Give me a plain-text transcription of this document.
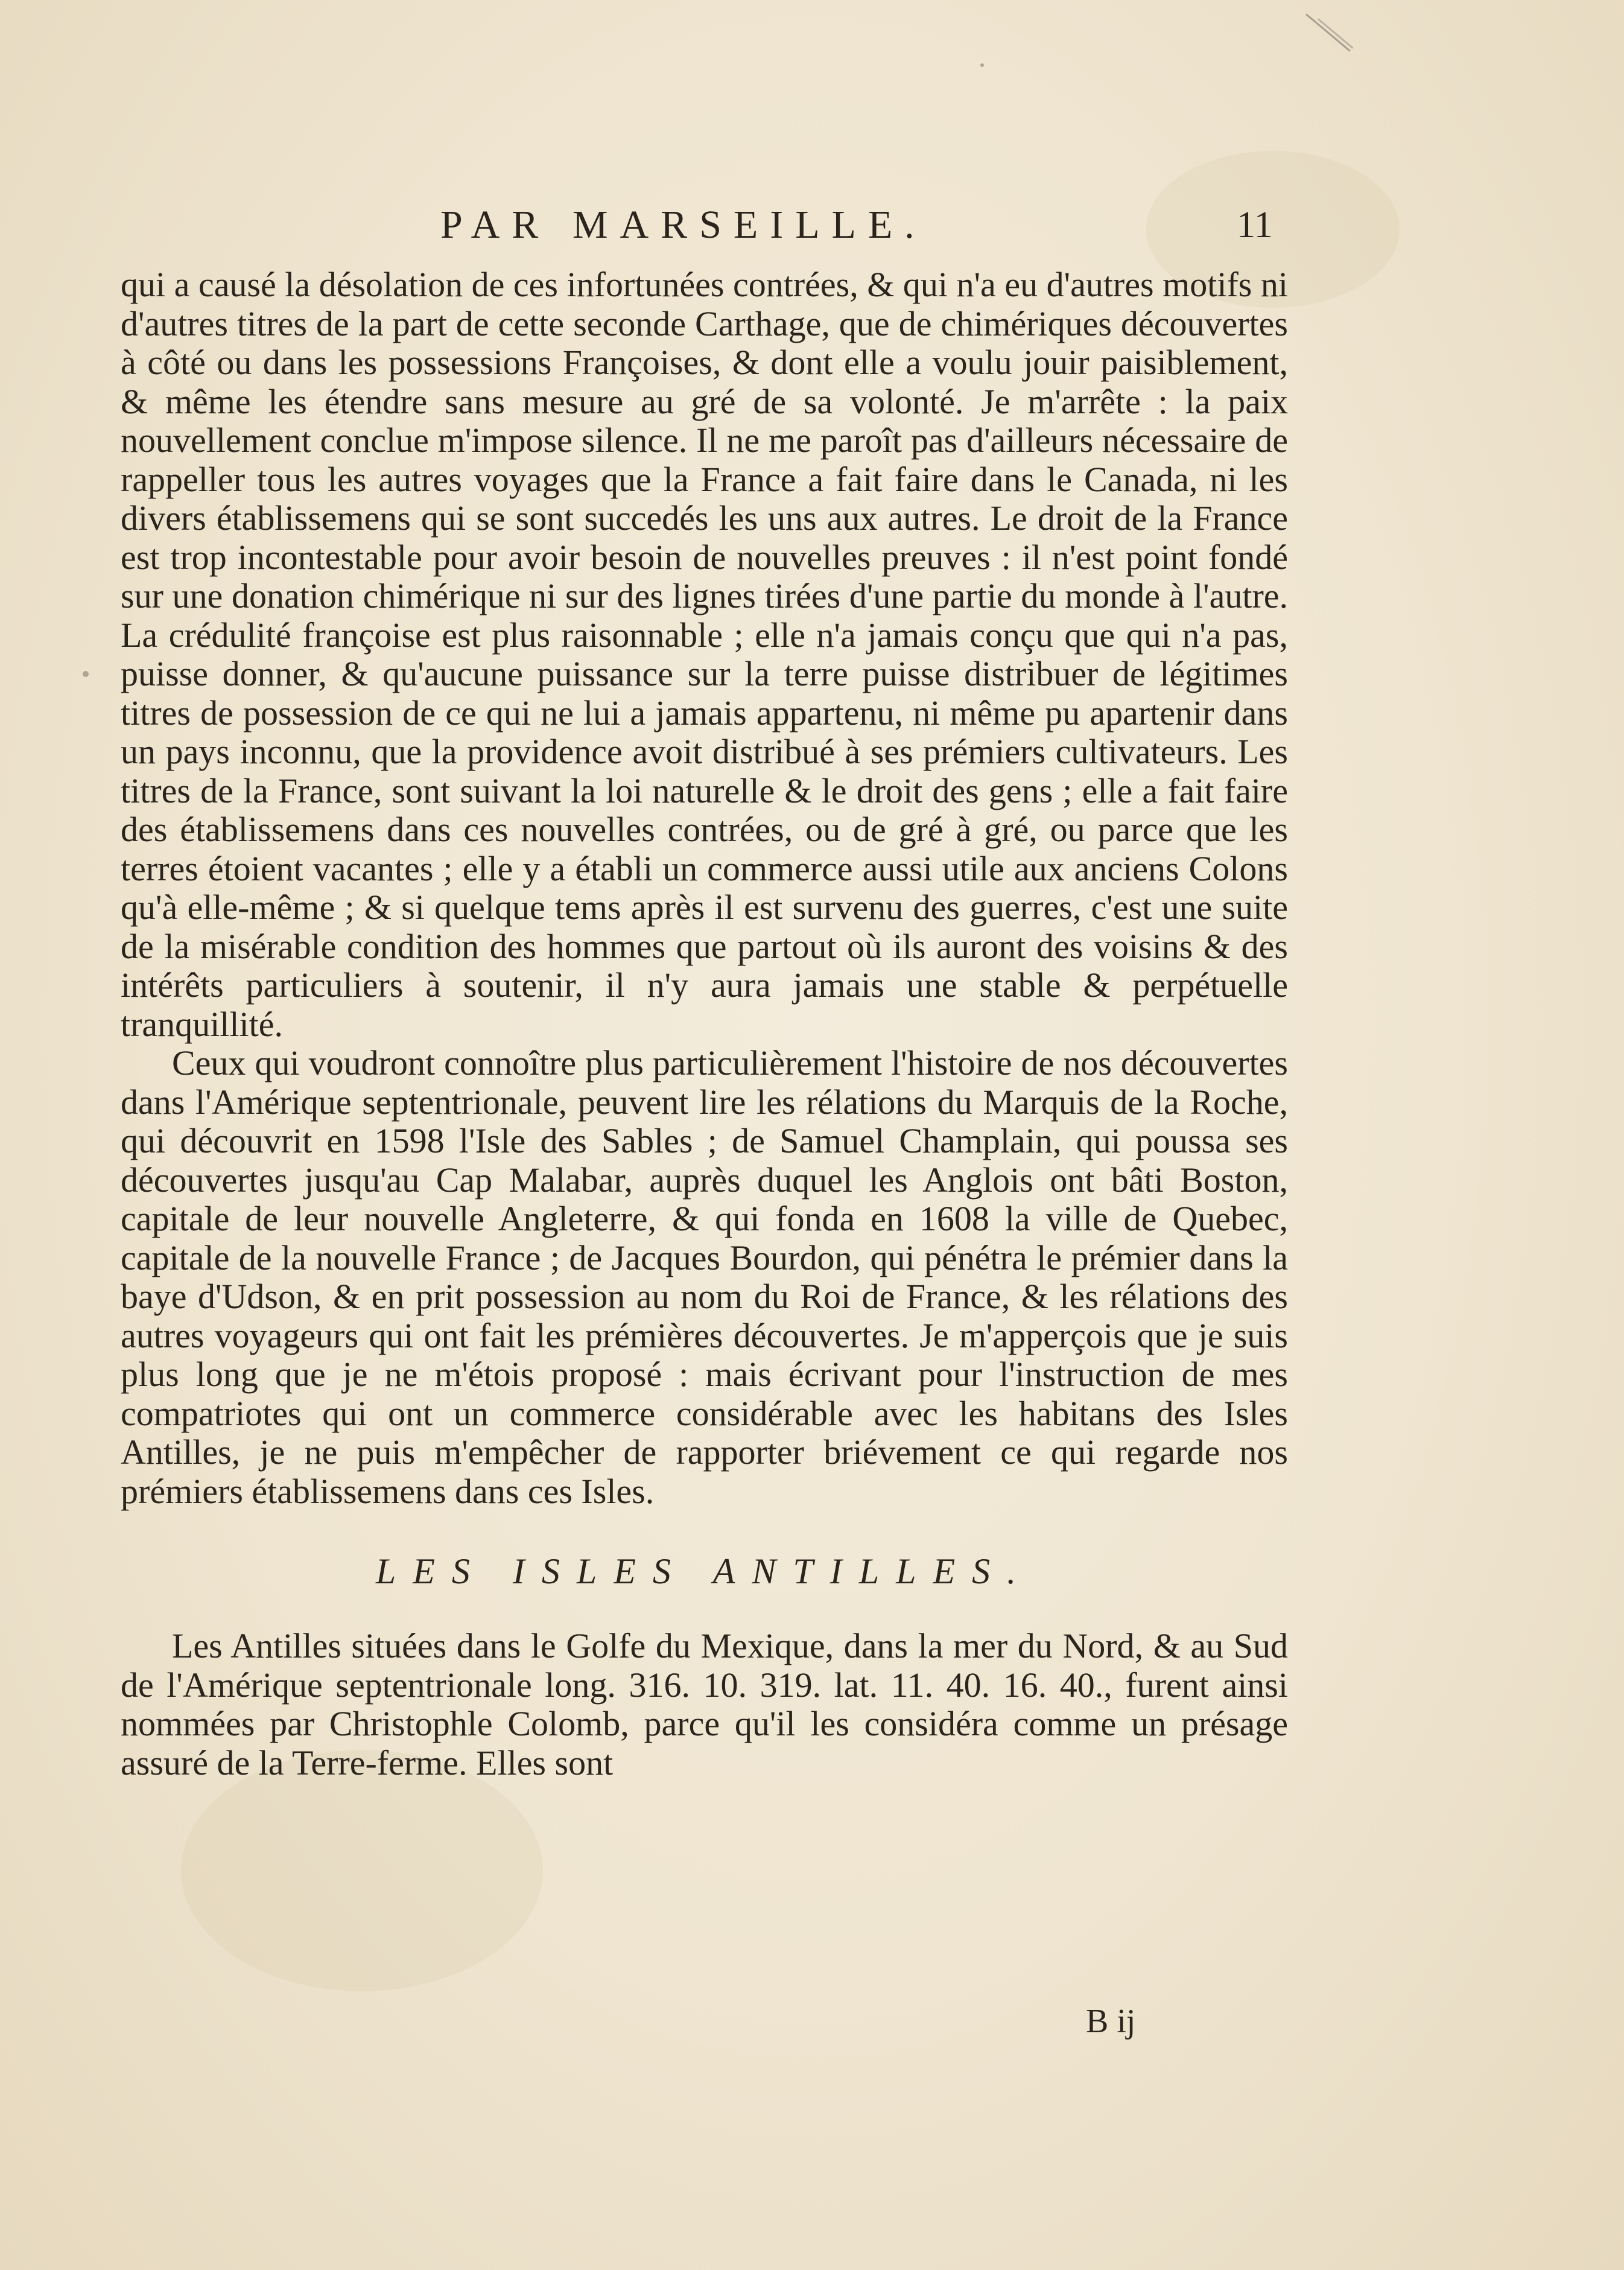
PAR MARSEILLE.	11

qui a causé la désolation de ces infortunées contrées, & qui n'a eu d'autres motifs ni d'autres titres de la part de cette seconde Carthage, que de chimériques découvertes à côté ou dans les possessions Françoises, & dont elle a voulu jouir paisiblement, & même les étendre sans mesure au gré de sa volonté. Je m'arrête : la paix nouvellement conclue m'impose silence. Il ne me paroît pas d'ailleurs nécessaire de rappeller tous les autres voyages que la France a fait faire dans le Canada, ni les divers établissemens qui se sont succedés les uns aux autres. Le droit de la France est trop incontestable pour avoir besoin de nouvelles preuves : il n'est point fondé sur une donation chimérique ni sur des lignes tirées d'une partie du monde à l'autre. La crédulité françoise est plus raisonnable ; elle n'a jamais conçu que qui n'a pas, puisse donner, & qu'aucune puissance sur la terre puisse distribuer de légitimes titres de possession de ce qui ne lui a jamais appartenu, ni même pu apartenir dans un pays inconnu, que la providence avoit distribué à ses prémiers cultivateurs. Les titres de la France, sont suivant la loi naturelle & le droit des gens ; elle a fait faire des établissemens dans ces nouvelles contrées, ou de gré à gré, ou parce que les terres étoient vacantes ; elle y a établi un commerce aussi utile aux anciens Colons qu'à elle-même ; & si quelque tems après il est survenu des guerres, c'est une suite de la misérable condition des hommes que partout où ils auront des voisins & des intérêts particuliers à soutenir, il n'y aura jamais une stable & perpétuelle tranquillité.

Ceux qui voudront connoître plus particulièrement l'histoire de nos découvertes dans l'Amérique septentrionale, peuvent lire les rélations du Marquis de la Roche, qui découvrit en 1598 l'Isle des Sables ; de Samuel Champlain, qui poussa ses découvertes jusqu'au Cap Malabar, auprès duquel les Anglois ont bâti Boston, capitale de leur nouvelle Angleterre, & qui fonda en 1608 la ville de Quebec, capitale de la nouvelle France ; de Jacques Bourdon, qui pénétra le prémier dans la baye d'Udson, & en prit possession au nom du Roi de France, & les rélations des autres voyageurs qui ont fait les prémières découvertes. Je m'apperçois que je suis plus long que je ne m'étois proposé : mais écrivant pour l'instruction de mes compatriotes qui ont un commerce considérable avec les habitans des Isles Antilles, je ne puis m'empêcher de rapporter briévement ce qui regarde nos prémiers établissemens dans ces Isles.

LES ISLES ANTILLES.

Les Antilles situées dans le Golfe du Mexique, dans la mer du Nord, & au Sud de l'Amérique septentrionale long. 316. 10. 319. lat. 11. 40. 16. 40., furent ainsi nommées par Christophle Colomb, parce qu'il les considéra comme un présage assuré de la Terre-ferme. Elles sont

B ij
